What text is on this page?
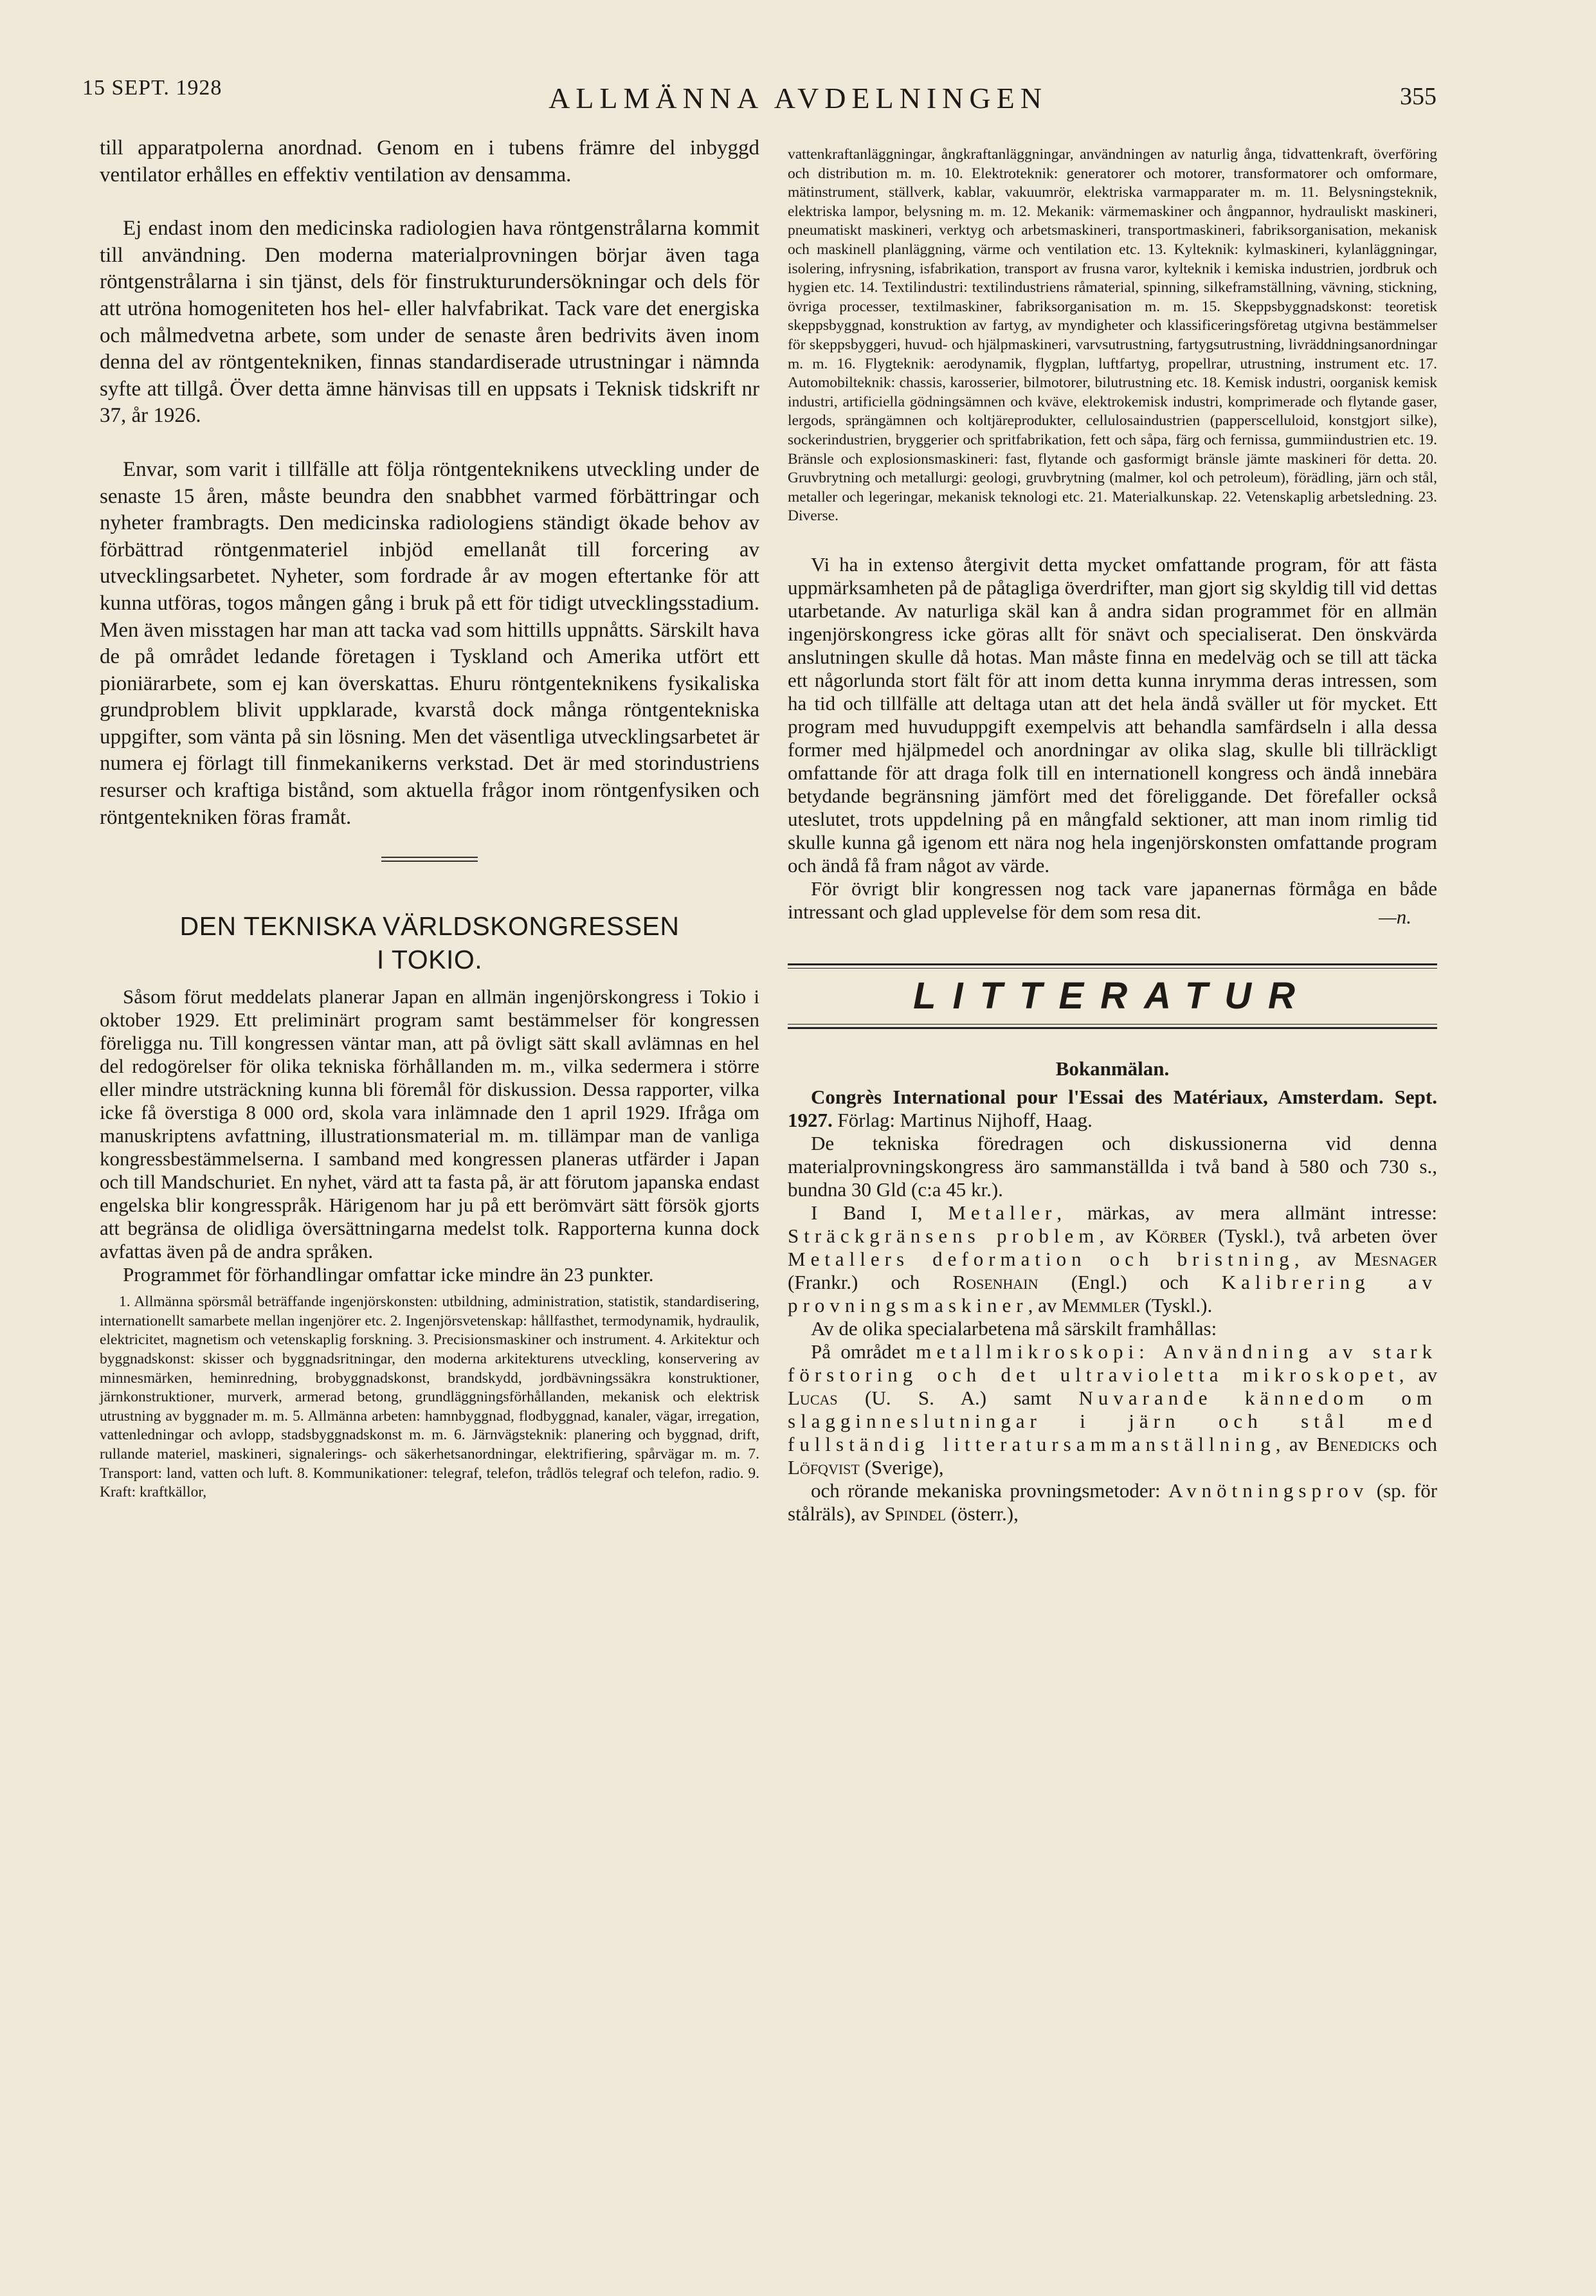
15 SEPT. 1928	ALLMÄNNA AVDELNINGEN	355

till apparatpolerna anordnad. Genom en i tubens främre del inbyggd ventilator erhålles en effektiv ventilation av densamma.

Ej endast inom den medicinska radiologien hava röntgenstrålarna kommit till användning. Den moderna materialprovningen börjar även taga röntgenstrålarna i sin tjänst, dels för finstrukturundersökningar och dels för att utröna homogeniteten hos hel- eller halvfabrikat. Tack vare det energiska och målmedvetna arbete, som under de senaste åren bedrivits även inom denna del av röntgentekniken, finnas standardiserade utrustningar i nämnda syfte att tillgå. Över detta ämne hänvisas till en uppsats i Teknisk tidskrift nr 37, år 1926.

Envar, som varit i tillfälle att följa röntgenteknikens utveckling under de senaste 15 åren, måste beundra den snabbhet varmed förbättringar och nyheter frambragts. Den medicinska radiologiens ständigt ökade behov av förbättrad röntgenmateriel inbjöd emellanåt till forcering av utvecklingsarbetet. Nyheter, som fordrade år av mogen eftertanke för att kunna utföras, togos mången gång i bruk på ett för tidigt utvecklingsstadium. Men även misstagen har man att tacka vad som hittills uppnåtts. Särskilt hava de på området ledande företagen i Tyskland och Amerika utfört ett pioniärarbete, som ej kan överskattas. Ehuru röntgenteknikens fysikaliska grundproblem blivit uppklarade, kvarstå dock många röntgentekniska uppgifter, som vänta på sin lösning. Men det väsentliga utvecklingsarbetet är numera ej förlagt till finmekanikerns verkstad. Det är med storindustriens resurser och kraftiga bistånd, som aktuella frågor inom röntgenfysiken och röntgentekniken föras framåt.

DEN TEKNISKA VÄRLDSKONGRESSEN
I TOKIO.

Såsom förut meddelats planerar Japan en allmän ingenjörskongress i Tokio i oktober 1929. Ett preliminärt program samt bestämmelser för kongressen föreligga nu. Till kongressen väntar man, att på övligt sätt skall avlämnas en hel del redogörelser för olika tekniska förhållanden m. m., vilka sedermera i större eller mindre utsträckning kunna bli föremål för diskussion. Dessa rapporter, vilka icke få överstiga 8 000 ord, skola vara inlämnade den 1 april 1929. Ifråga om manuskriptens avfattning, illustrationsmaterial m. m. tillämpar man de vanliga kongressbestämmelserna. I samband med kongressen planeras utfärder i Japan och till Mandschuriet. En nyhet, värd att ta fasta på, är att förutom japanska endast engelska blir kongresspråk. Härigenom har ju på ett berömvärt sätt försök gjorts att begränsa de olidliga översättningarna medelst tolk. Rapporterna kunna dock avfattas även på de andra språken.

Programmet för förhandlingar omfattar icke mindre än 23 punkter.

1. Allmänna spörsmål beträffande ingenjörskonsten: utbildning, administration, statistik, standardisering, internationellt samarbete mellan ingenjörer etc. 2. Ingenjörsvetenskap: hållfasthet, termodynamik, hydraulik, elektricitet, magnetism och vetenskaplig forskning. 3. Precisionsmaskiner och instrument. 4. Arkitektur och byggnadskonst: skisser och byggnadsritningar, den moderna arkitekturens utveckling, konservering av minnesmärken, heminredning, brobyggnadskonst, brandskydd, jordbävningssäkra konstruktioner, järnkonstruktioner, murverk, armerad betong, grundläggningsförhållanden, mekanisk och elektrisk utrustning av byggnader m. m. 5. Allmänna arbeten: hamnbyggnad, flodbyggnad, kanaler, vägar, irregation, vattenledningar och avlopp, stadsbyggnadskonst m. m. 6. Järnvägsteknik: planering och byggnad, drift, rullande materiel, maskineri, signalerings- och säkerhetsanordningar, elektrifiering, spårvägar m. m. 7. Transport: land, vatten och luft. 8. Kommunikationer: telegraf, telefon, trådlös telegraf och telefon, radio. 9. Kraft: kraftkällor,

vattenkraftanläggningar, ångkraftanläggningar, användningen av naturlig ånga, tidvattenkraft, överföring och distribution m. m. 10. Elektroteknik: generatorer och motorer, transformatorer och omformare, mätinstrument, ställverk, kablar, vakuumrör, elektriska varmapparater m. m. 11. Belysningsteknik, elektriska lampor, belysning m. m. 12. Mekanik: värmemaskiner och ångpannor, hydrauliskt maskineri, pneumatiskt maskineri, verktyg och arbetsmaskineri, transportmaskineri, fabriksorganisation, mekanisk och maskinell planläggning, värme och ventilation etc. 13. Kylteknik: kylmaskineri, kylanläggningar, isolering, infrysning, isfabrikation, transport av frusna varor, kylteknik i kemiska industrien, jordbruk och hygien etc. 14. Textilindustri: textilindustriens råmaterial, spinning, silkeframställning, vävning, stickning, övriga processer, textilmaskiner, fabriksorganisation m. m. 15. Skeppsbyggnadskonst: teoretisk skeppsbyggnad, konstruktion av fartyg, av myndigheter och klassificeringsföretag utgivna bestämmelser för skeppsbyggeri, huvud- och hjälpmaskineri, varvsutrustning, fartygsutrustning, livräddningsanordningar m. m. 16. Flygteknik: aerodynamik, flygplan, luftfartyg, propellrar, utrustning, instrument etc. 17. Automobilteknik: chassis, karosserier, bilmotorer, bilutrustning etc. 18. Kemisk industri, oorganisk kemisk industri, artificiella gödningsämnen och kväve, elektrokemisk industri, komprimerade och flytande gaser, lergods, sprängämnen och koltjäreprodukter, cellulosaindustrien (papperscelluloid, konstgjort silke), sockerindustrien, bryggerier och spritfabrikation, fett och såpa, färg och fernissa, gummiindustrien etc. 19. Bränsle och explosionsmaskineri: fast, flytande och gasformigt bränsle jämte maskineri för detta. 20. Gruvbrytning och metallurgi: geologi, gruvbrytning (malmer, kol och petroleum), förädling, järn och stål, metaller och legeringar, mekanisk teknologi etc. 21. Materialkunskap. 22. Vetenskaplig arbetsledning. 23. Diverse.

Vi ha in extenso återgivit detta mycket omfattande program, för att fästa uppmärksamheten på de påtagliga överdrifter, man gjort sig skyldig till vid dettas utarbetande. Av naturliga skäl kan å andra sidan programmet för en allmän ingenjörskongress icke göras allt för snävt och specialiserat. Den önskvärda anslutningen skulle då hotas. Man måste finna en medelväg och se till att täcka ett någorlunda stort fält för att inom detta kunna inrymma deras intressen, som ha tid och tillfälle att deltaga utan att det hela ändå sväller ut för mycket. Ett program med huvuduppgift exempelvis att behandla samfärdseln i alla dessa former med hjälpmedel och anordningar av olika slag, skulle bli tillräckligt omfattande för att draga folk till en internationell kongress och ändå innebära betydande begränsning jämfört med det föreliggande. Det förefaller också uteslutet, trots uppdelning på en mångfald sektioner, att man inom rimlig tid skulle kunna gå igenom ett nära nog hela ingenjörskonsten omfattande program och ändå få fram något av värde.

För övrigt blir kongressen nog tack vare japanernas förmåga en både intressant och glad upplevelse för dem som resa dit.	—n.
LITTERATUR
Bokanmälan.

Congrès International pour l'Essai des Matériaux, Amsterdam. Sept. 1927. Förlag: Martinus Nijhoff, Haag.

De tekniska föredragen och diskussionerna vid denna materialprovningskongress äro sammanställda i två band à 580 och 730 s., bundna 30 Gld (c:a 45 kr.).

I Band I, Metaller, märkas, av mera allmänt intresse: Sträckgränsens problem, av Körber (Tyskl.), två arbeten över Metallers deformation och bristning, av Mesnager (Frankr.) och Rosenhain (Engl.) och Kalibrering av provningsmaskiner, av Memmler (Tyskl.).

Av de olika specialarbetena må särskilt framhållas:

På området metallmikroskopi: Användning av stark förstoring och det ultravioletta mikroskopet, av Lucas (U. S. A.) samt Nuvarande kännedom om slagginneslutningar i järn och stål med fullständig litteratursammanställning, av Benedicks och Löfqvist (Sverige),

och rörande mekaniska provningsmetoder: Avnötningsprov (sp. för stålräls), av Spindel (österr.),
